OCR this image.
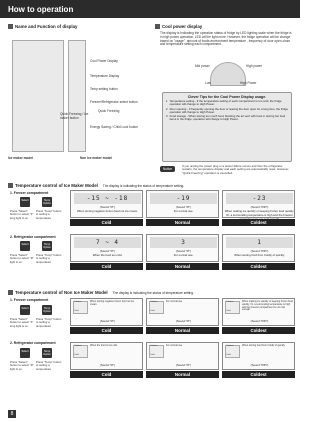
How to operation
Name and Function of display
Cool Power Display
Temperature Display
Temp setting button
Freezer/Refrigerator select button
Quick Freezing / Ice maker button
Quick Freezing
Energy Saving / Child Lock button
Ice maker model	Non Ice maker model
Cool power display
The display is indicating the operation status of fridge by LED lighting scale when the fridge is in high power operation, LED will be light more. However, the fridge operation will be change based on "usage", amount of foods,environment temperature , frequency of door open-close and temperature setting each compartment.
Mid power	High power
Low	High Power
Clever Tips for the Cool Power Display usage.
1 Temperature setting - If the temperature setting of each compartment is too cold, the fridge operation will change to High Power.
2 Door opening - If frequently opening the door or leaving the door open for a long time, the fridge operation will change to High Power.
3 Food storage - When storing too much food, blocking the air vent with food or storing hot food items in the fridge, operation will change to High Power.
Notice
If you unplug the power plug or a power failure occurs and then the refrigerator restarts, the temperature display and each setting are automatically reset. However, "Quick Freezing" operation is cancelled.
Temperature control of Ice Maker Model The display is indicating the status of temperature setting.
1. Freezer compartment
Select	Temp Option
Press "Select" button to select "F" long light is on.
Press "Temp" button to setting a temperature
2. Refrigerator compartment
Select	Temp Option
Press "Select" button to select "R" light is on.
Press "Temp" button to setting a temperature
Temperature control of Non Ice Maker Model The display is indicating the status of temperature setting.
1. Freezer compartment
Select	Temp Option
Press "Select" button to select "F" long light is on.
Press "Temp" button to setting a temperature
2. Refrigerator compartment
Select	Temp Option
Press "Select" button to select "R" light is on.
Press "Temp" button to setting a temperature
8
-15 ~ -18
(Sound "Pi")
When storing negative frozen food not ice cream.
Cold
-19
(Sound "Pi")
For normal use.
Normal
-23
(Sound "PiPi")
When making ice quickly or keeping frozen food quickly. Or, a surrounding temperature is high and the Freezer
Coldest
7 ~ 4
(Sound "Pi")
When the food too cold.
Cold
3
(Sound "Pi")
For normal use.
Normal
1
(Sound "PiPi")
When storing food from Coldly of quickly.
Coldest
Coldest
Cold
When storing negative frozen food not ice cream.
(Sound "Pi")
Cold
Coldest
Cold
For normal use.
(Sound "Pi")
Normal
Coldest
Cold
When making ice quickly or keeping frozen food quickly. Or, a surrounding temperature is high and the Freezer compartment is not cold enough.
(Sound "PiPi")
Coldest
Coldest
Cold
When the food is too cold.
(Sound "Pi")
Cold
Coldest
Cold
For normal use.
(Sound "Pi")
Normal
Coldest
Cold
When storing food from Coldly of quickly.
(Sound "PiPi")
Coldest
